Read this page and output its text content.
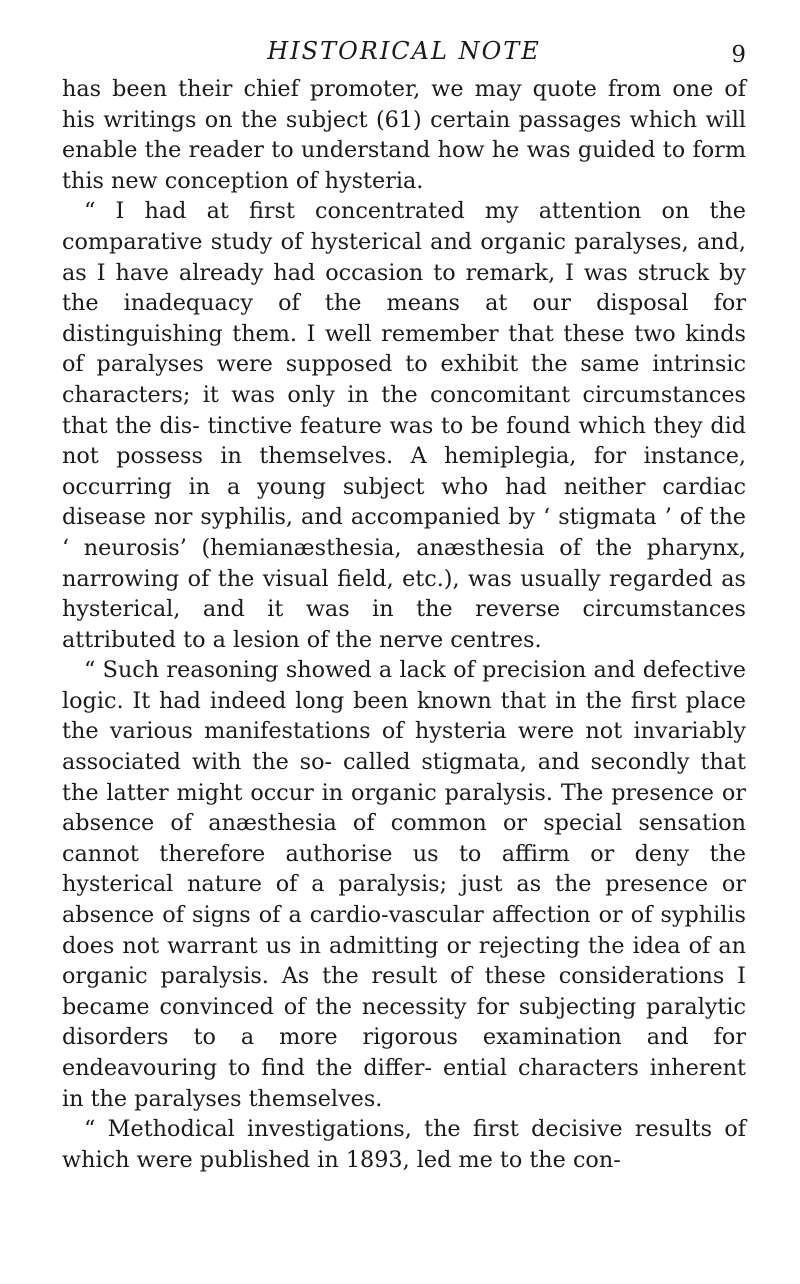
HISTORICAL NOTE	9

has been their chief promoter, we may quote from one of his writings on the subject (61) certain passages which will enable the reader to understand how he was guided to form this new conception of hysteria.

“ I had at first concentrated my attention on the comparative study of hysterical and organic paralyses, and, as I have already had occasion to remark, I was struck by the inadequacy of the means at our disposal for distinguishing them. I well remember that these two kinds of paralyses were supposed to exhibit the same intrinsic characters; it was only in the concomitant circumstances that the dis- tinctive feature was to be found which they did not possess in themselves. A hemiplegia, for instance, occurring in a young subject who had neither cardiac disease nor syphilis, and accompanied by ‘ stigmata ’ of the ‘ neurosis’ (hemianæsthesia, anæsthesia of the pharynx, narrowing of the visual field, etc.), was usually regarded as hysterical, and it was in the reverse circumstances attributed to a lesion of the nerve centres.

“ Such reasoning showed a lack of precision and defective logic. It had indeed long been known that in the first place the various manifestations of hysteria were not invariably associated with the so- called stigmata, and secondly that the latter might occur in organic paralysis. The presence or absence of anæsthesia of common or special sensation cannot therefore authorise us to affirm or deny the hysterical nature of a paralysis; just as the presence or absence of signs of a cardio-vascular affection or of syphilis does not warrant us in admitting or rejecting the idea of an organic paralysis. As the result of these considerations I became convinced of the necessity for subjecting paralytic disorders to a more rigorous examination and for endeavouring to find the differ- ential characters inherent in the paralyses themselves.

“ Methodical investigations, the first decisive results of which were published in 1893, led me to the con-
